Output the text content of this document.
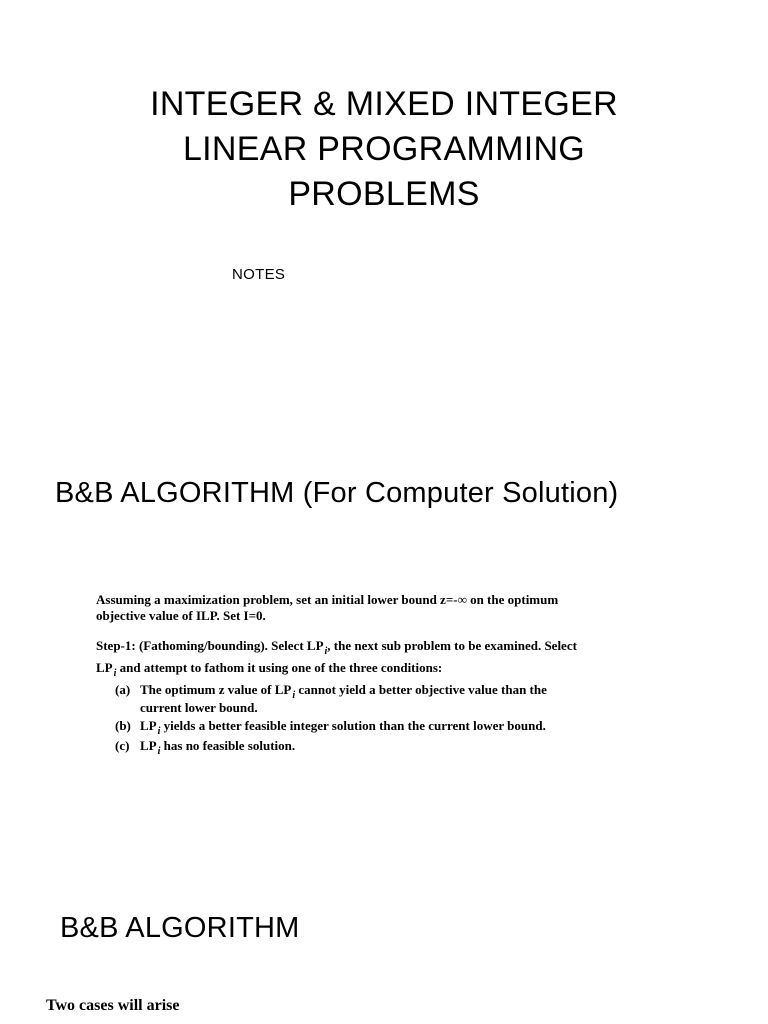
INTEGER & MIXED INTEGER
LINEAR PROGRAMMING
PROBLEMS
NOTES
B&B ALGORITHM (For Computer Solution)

Assuming a maximization problem, set an initial lower bound z=-∞ on the optimum objective value of ILP. Set I=0.

Step-1: (Fathoming/bounding). Select $LP_i$, the next sub problem to be examined. Select $LP_i$ and attempt to fathom it using one of the three conditions:

(a) The optimum z value of $LP_i$ cannot yield a better objective value than the current lower bound.
(b) $LP_i$ yields a better feasible integer solution than the current lower bound.
(c) $LP_i$ has no feasible solution.
B&B ALGORITHM
Two cases will arise
